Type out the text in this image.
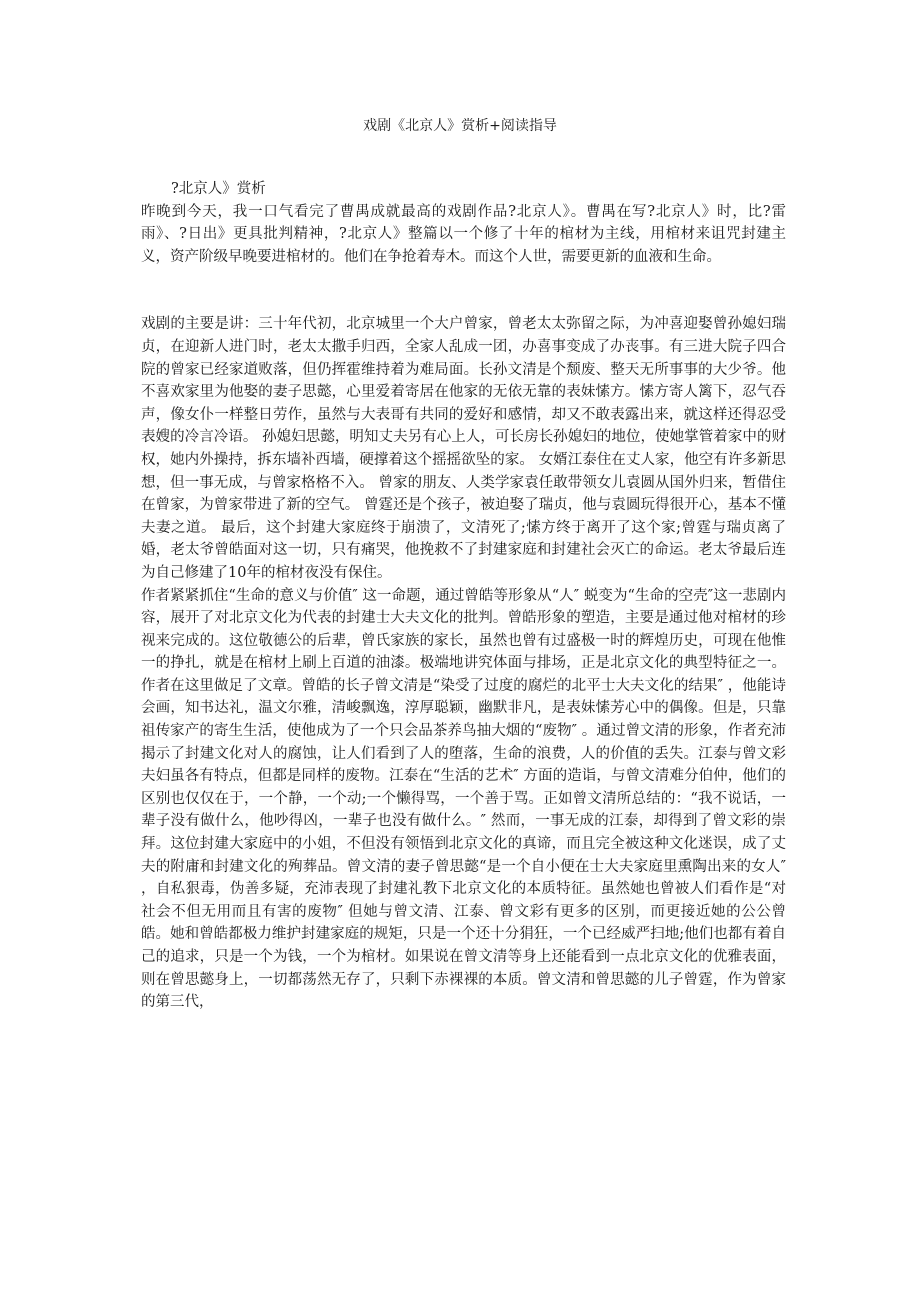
戏剧《北京人》赏析+阅读指导

?北京人》赏析

昨晚到今天，我一口气看完了曹禺成就最高的戏剧作品?北京人》。曹禺在写?北京人》时，比?雷雨》、?日出》更具批判精神，?北京人》整篇以一个修了十年的棺材为主线，用棺材来诅咒封建主义，资产阶级早晚要进棺材的。他们在争抢着寿木。而这个人世，需要更新的血液和生命。

戏剧的主要是讲：三十年代初，北京城里一个大户曾家，曾老太太弥留之际，为冲喜迎娶曾孙媳妇瑞贞，在迎新人进门时，老太太撒手归西，全家人乱成一团，办喜事变成了办丧事。有三进大院子四合院的曾家已经家道败落，但仍挥霍维持着为难局面。长孙文清是个颓废、整天无所事事的大少爷。他不喜欢家里为他娶的妻子思懿，心里爱着寄居在他家的无依无靠的表妹愫方。愫方寄人篱下，忍气吞声，像女仆一样整日劳作，虽然与大表哥有共同的爱好和感情，却又不敢表露出来，就这样还得忍受表嫂的冷言冷语。 孙媳妇思懿，明知丈夫另有心上人，可长房长孙媳妇的地位，使她掌管着家中的财权，她内外操持，拆东墙补西墙，硬撑着这个摇摇欲坠的家。 女婿江泰住在丈人家，他空有许多新思想，但一事无成，与曾家格格不入。 曾家的朋友、人类学家袁任敢带领女儿袁圆从国外归来，暂借住在曾家，为曾家带进了新的空气。 曾霆还是个孩子，被迫娶了瑞贞，他与袁圆玩得很开心，基本不懂夫妻之道。 最后，这个封建大家庭终于崩溃了，文清死了;愫方终于离开了这个家;曾霆与瑞贞离了婚，老太爷曾皓面对这一切，只有痛哭，他挽救不了封建家庭和封建社会灭亡的命运。老太爷最后连为自己修建了10年的棺材夜没有保住。

作者紧紧抓住“生命的意义与价值″ 这一命题，通过曾皓等形象从“人″ 蜕变为“生命的空壳″这一悲剧内容，展开了对北京文化为代表的封建士大夫文化的批判。曾皓形象的塑造，主要是通过他对棺材的珍视来完成的。这位敬德公的后辈，曾氏家族的家长，虽然也曾有过盛极一时的辉煌历史，可现在他惟一的挣扎，就是在棺材上刷上百道的油漆。极端地讲究体面与排场，正是北京文化的典型特征之一。作者在这里做足了文章。曾皓的长子曾文清是“染受了过度的腐烂的北平士大夫文化的结果″ ，他能诗会画，知书达礼，温文尔雅，清峻飘逸，淳厚聪颖，幽默非凡，是表妹愫芳心中的偶像。但是，只靠祖传家产的寄生生活，使他成为了一个只会品茶养鸟抽大烟的“废物″ 。通过曾文清的形象，作者充沛揭示了封建文化对人的腐蚀，让人们看到了人的堕落，生命的浪费，人的价值的丢失。江泰与曾文彩夫妇虽各有特点，但都是同样的废物。江泰在“生活的艺术″ 方面的造诣，与曾文清难分伯仲，他们的区别也仅仅在于，一个静，一个动;一个懒得骂，一个善于骂。正如曾文清所总结的：“我不说话，一辈子没有做什么，他吵得凶，一辈子也没有做什么。″ 然而，一事无成的江泰，却得到了曾文彩的崇拜。这位封建大家庭中的小姐，不但没有领悟到北京文化的真谛，而且完全被这种文化迷误，成了丈夫的附庸和封建文化的殉葬品。曾文清的妻子曾思懿“是一个自小便在士大夫家庭里熏陶出来的女人″ ，自私狠毒，伪善多疑，充沛表现了封建礼教下北京文化的本质特征。虽然她也曾被人们看作是“对社会不但无用而且有害的废物″ 但她与曾文清、江泰、曾文彩有更多的区别，而更接近她的公公曾皓。她和曾皓都极力维护封建家庭的规矩，只是一个还十分狷狂，一个已经威严扫地;他们也都有着自己的追求，只是一个为钱，一个为棺材。如果说在曾文清等身上还能看到一点北京文化的优雅表面，则在曾思懿身上，一切都荡然无存了，只剩下赤裸裸的本质。曾文清和曾思懿的儿子曾霆，作为曾家的第三代，
